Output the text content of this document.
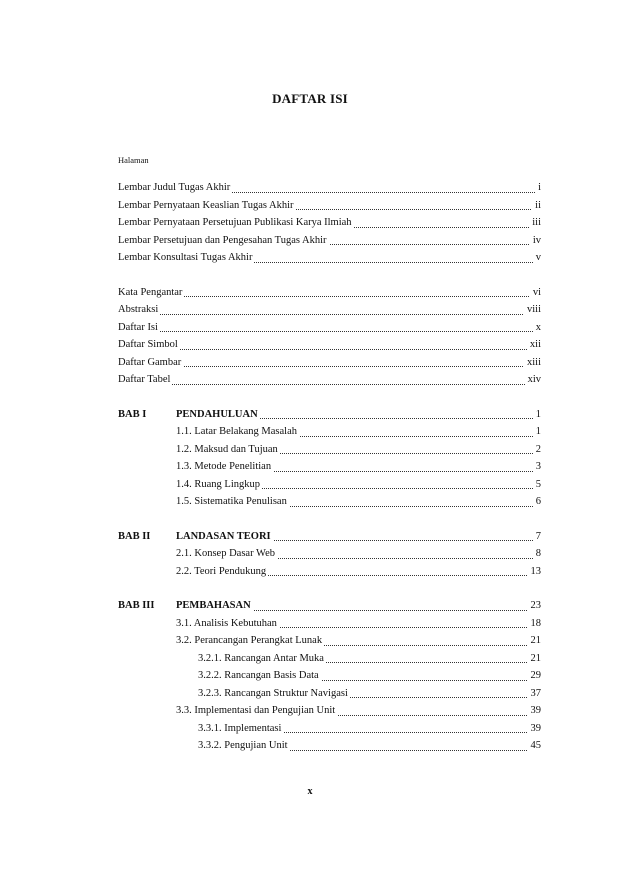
DAFTAR ISI
Halaman
Lembar Judul Tugas Akhir	i
Lembar Pernyataan Keaslian Tugas Akhir	ii
Lembar Pernyataan Persetujuan Publikasi Karya Ilmiah	iii
Lembar Persetujuan dan Pengesahan Tugas Akhir	iv
Lembar Konsultasi Tugas Akhir	v
Kata Pengantar	vi
Abstraksi	viii
Daftar Isi	x
Daftar Simbol	xii
Daftar Gambar	xiii
Daftar Tabel	xiv
BAB I	PENDAHULUAN	1
1.1. Latar Belakang Masalah	1
1.2. Maksud dan Tujuan	2
1.3. Metode Penelitian	3
1.4. Ruang Lingkup	5
1.5. Sistematika Penulisan	6
BAB II LANDASAN TEORI	7
2.1. Konsep Dasar Web	8
2.2. Teori Pendukung	13
BAB III PEMBAHASAN	23
3.1. Analisis Kebutuhan	18
3.2. Perancangan Perangkat Lunak	21
3.2.1. Rancangan Antar Muka	21
3.2.2. Rancangan Basis Data	29
3.2.3. Rancangan Struktur Navigasi	37
3.3. Implementasi dan Pengujian Unit	39
3.3.1. Implementasi	39
3.3.2. Pengujian Unit	45
x
